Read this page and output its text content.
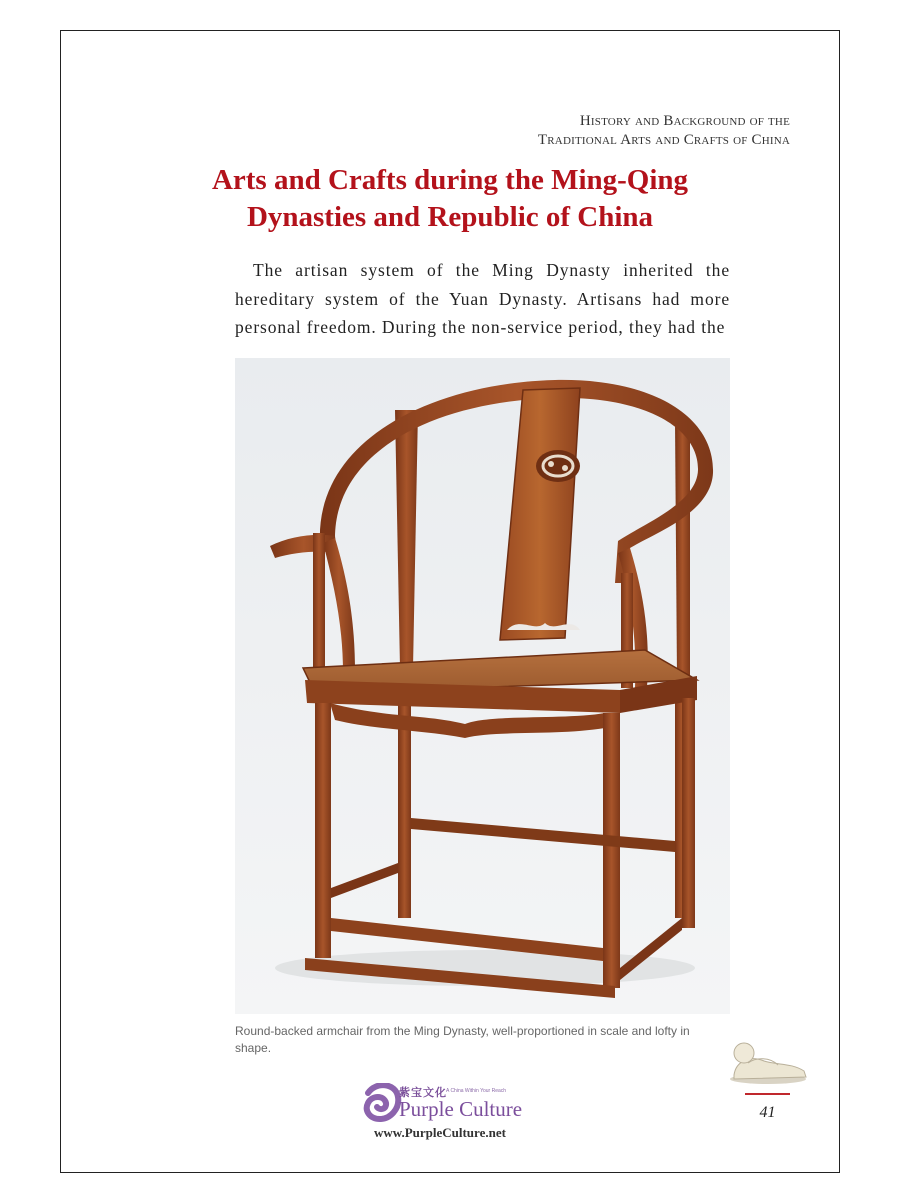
History and Background of the
Traditional Arts and Crafts of China
Arts and Crafts during the Ming-Qing
Dynasties and Republic of China

The artisan system of the Ming Dynasty inherited the hereditary system of the Yuan Dynasty. Artisans had more personal freedom. During the non-service period, they had the

Round-backed armchair from the Ming Dynasty, well-proportioned in scale and lofty in shape.
41
紫宝文化 A China Within Your Reach
Purple Culture
www.PurpleCulture.net
